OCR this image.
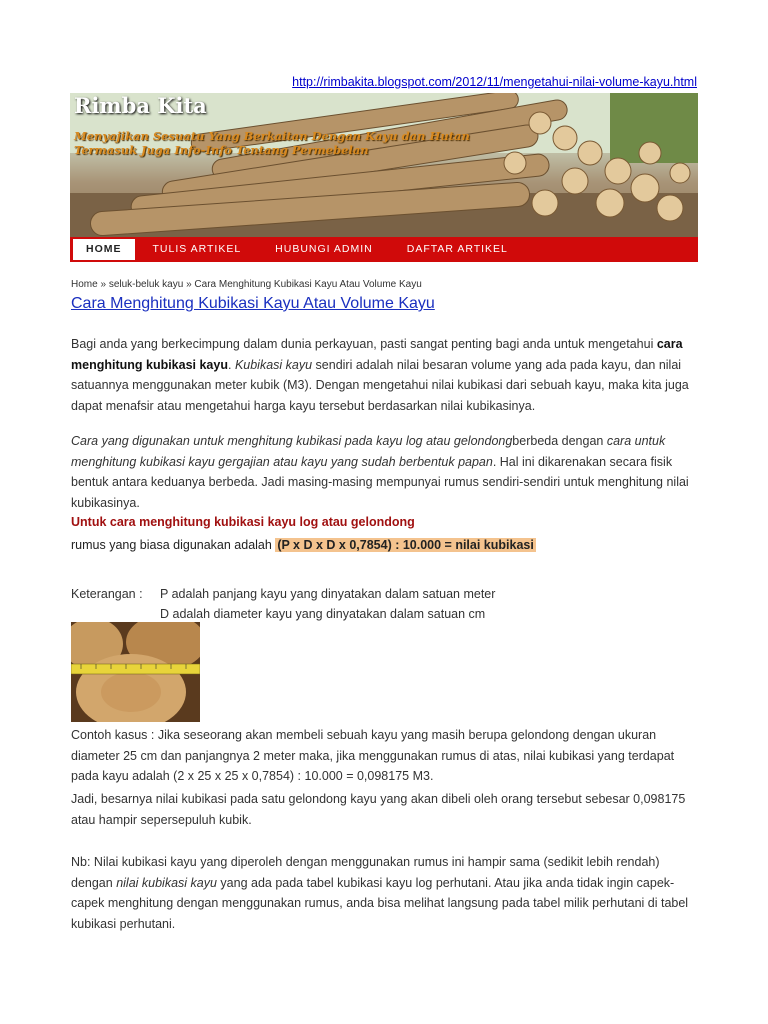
http://rimbakita.blogspot.com/2012/11/mengetahui-nilai-volume-kayu.html
Rimba Kita
Menyajikan Sesuatu Yang Berkaitan Dengan Kayu dan Hutan
Termasuk Juga Info-Info Tentang Permebelan
HOME	TULIS ARTIKEL	HUBUNGI ADMIN	DAFTAR ARTIKEL
Home » seluk-beluk kayu » Cara Menghitung Kubikasi Kayu Atau Volume Kayu
Cara Menghitung Kubikasi Kayu Atau Volume Kayu
Bagi anda yang berkecimpung dalam dunia perkayuan, pasti sangat penting bagi anda untuk mengetahui cara menghitung kubikasi kayu. Kubikasi kayu sendiri adalah nilai besaran volume yang ada pada kayu, dan nilai satuannya menggunakan meter kubik (M3). Dengan mengetahui nilai kubikasi dari sebuah kayu, maka kita juga dapat menafsir atau mengetahui harga kayu tersebut berdasarkan nilai kubikasinya.
Cara yang digunakan untuk menghitung kubikasi pada kayu log atau gelondongberbeda dengan cara untuk menghitung kubikasi kayu gergajian atau kayu yang sudah berbentuk papan. Hal ini dikarenakan secara fisik bentuk antara keduanya berbeda. Jadi masing-masing mempunyai rumus sendiri-sendiri untuk menghitung nilai kubikasinya.
Untuk cara menghitung kubikasi kayu log atau gelondong
rumus yang biasa digunakan adalah (P x D x D x 0,7854) : 10.000 = nilai kubikasi
Keterangan :	P adalah panjang kayu yang dinyatakan dalam satuan meter
D adalah diameter kayu yang dinyatakan dalam satuan cm
Contoh kasus : Jika seseorang akan membeli sebuah kayu yang masih berupa gelondong dengan ukuran diameter 25 cm dan panjangnya 2 meter maka, jika menggunakan rumus di atas, nilai kubikasi yang terdapat pada kayu adalah (2 x 25 x 25 x 0,7854) : 10.000 = 0,098175 M3.
Jadi, besarnya nilai kubikasi pada satu gelondong kayu yang akan dibeli oleh orang tersebut sebesar 0,098175 atau hampir sepersepuluh kubik.
Nb: Nilai kubikasi kayu yang diperoleh dengan menggunakan rumus ini hampir sama (sedikit lebih rendah) dengan nilai kubikasi kayu yang ada pada tabel kubikasi kayu log perhutani. Atau jika anda tidak ingin capek-capek menghitung dengan menggunakan rumus, anda bisa melihat langsung pada tabel milik perhutani di tabel kubikasi perhutani.
